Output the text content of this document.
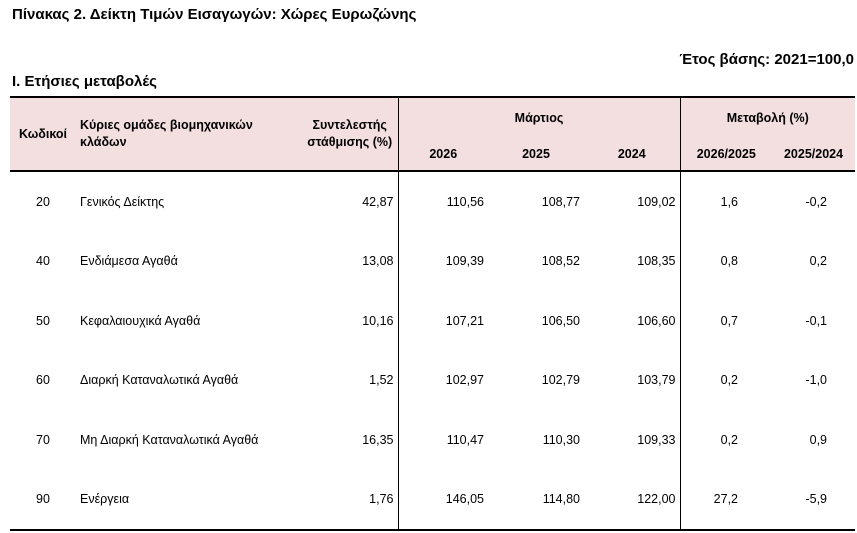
Πίνακας 2. Δείκτη Τιμών Εισαγωγών: Χώρες Ευρωζώνης
Έτος βάσης: 2021=100,0
Ι. Ετήσιες μεταβολές
Κωδικοί	Κύριες ομάδες βιομηχανικών κλάδων	Συντελεστής στάθμισης (%)	Μάρτιος			Μεταβολή (%)	
			2026	2025	2024	2026/2025	2025/2024
20	Γενικός Δείκτης	42,87	110,56	108,77	109,02	1,6	-0,2
40	Ενδιάμεσα Αγαθά	13,08	109,39	108,52	108,35	0,8	0,2
50	Κεφαλαιουχικά Αγαθά	10,16	107,21	106,50	106,60	0,7	-0,1
60	Διαρκή Καταναλωτικά Αγαθά	1,52	102,97	102,79	103,79	0,2	-1,0
70	Μη Διαρκή Καταναλωτικά Αγαθά	16,35	110,47	110,30	109,33	0,2	0,9
90	Ενέργεια	1,76	146,05	114,80	122,00	27,2	-5,9
